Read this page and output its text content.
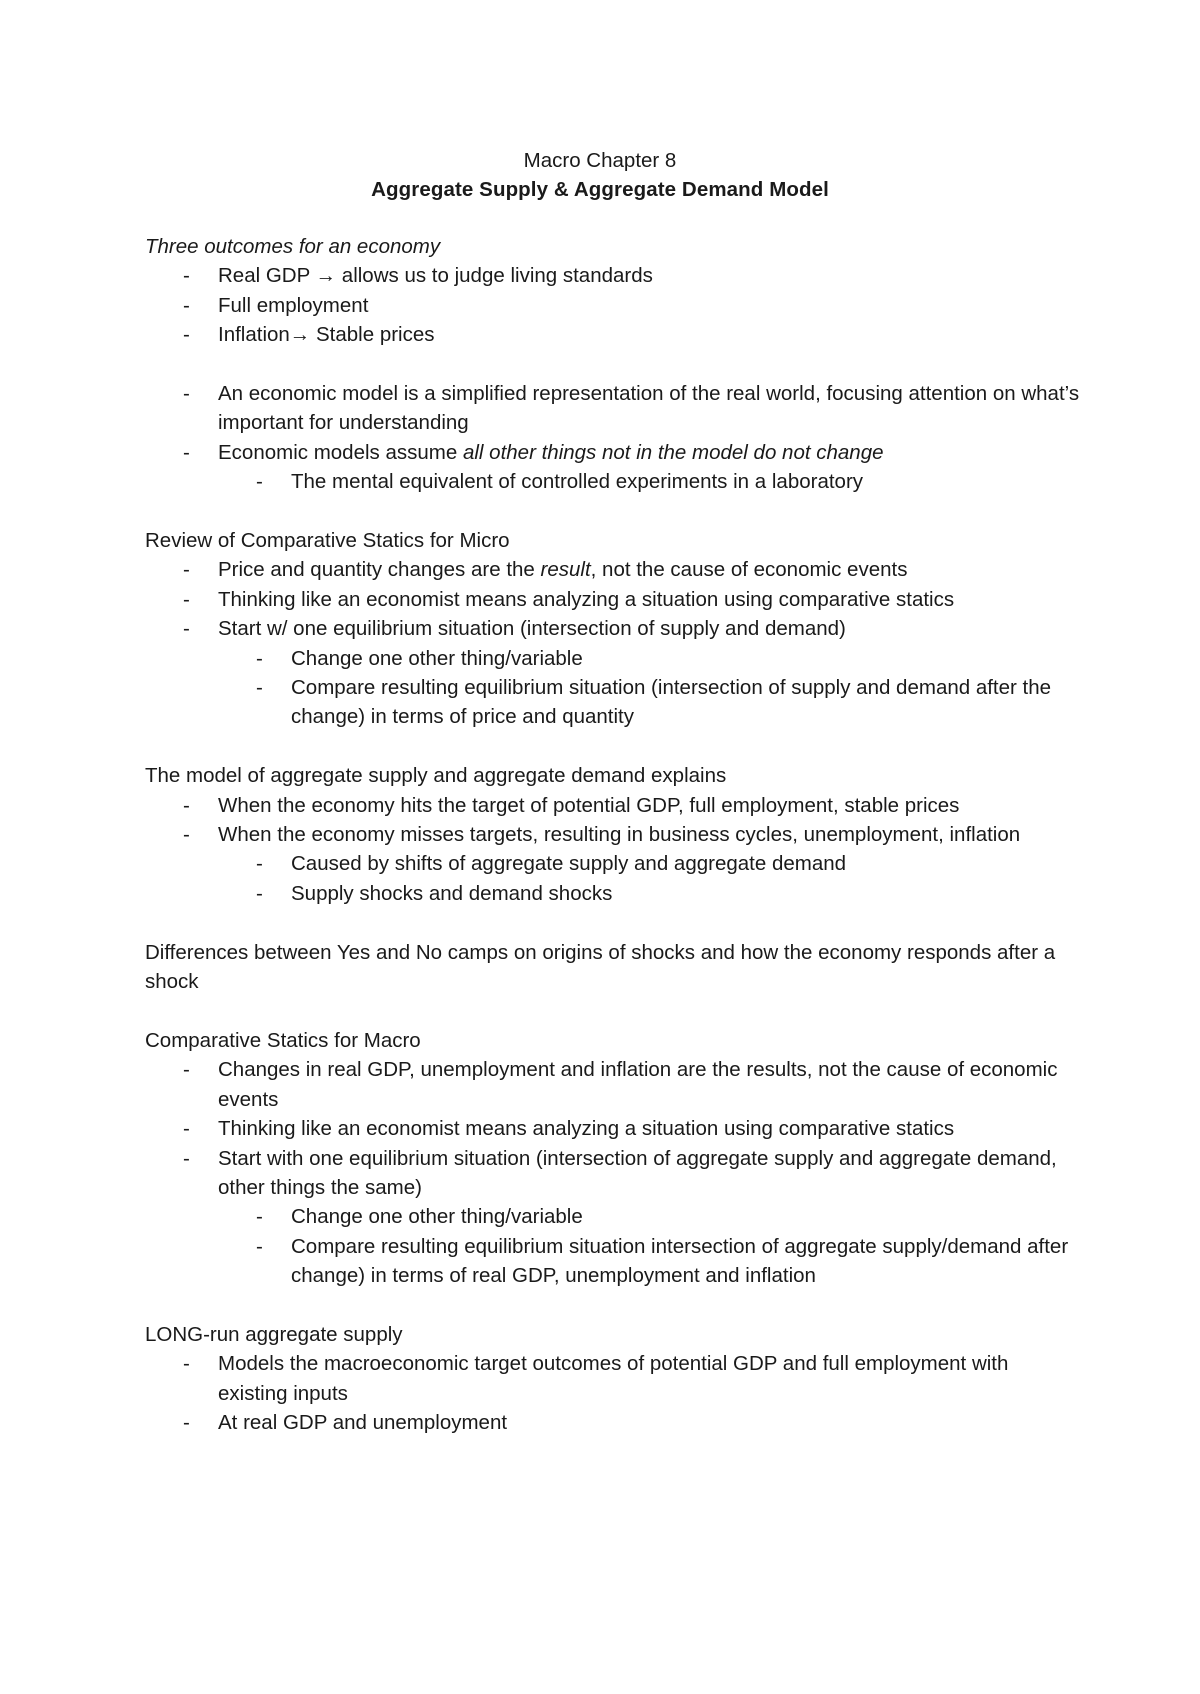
Macro Chapter 8
Aggregate Supply & Aggregate Demand Model
Three outcomes for an economy
- Real GDP → allows us to judge living standards
- Full employment
- Inflation→ Stable prices
- An economic model is a simplified representation of the real world, focusing attention on what’s important for understanding
- Economic models assume all other things not in the model do not change
- The mental equivalent of controlled experiments in a laboratory
Review of Comparative Statics for Micro
- Price and quantity changes are the result, not the cause of economic events
- Thinking like an economist means analyzing a situation using comparative statics
- Start w/ one equilibrium situation (intersection of supply and demand)
- Change one other thing/variable
- Compare resulting equilibrium situation (intersection of supply and demand after the change) in terms of price and quantity
The model of aggregate supply and aggregate demand explains
- When the economy hits the target of potential GDP, full employment, stable prices
- When the economy misses targets, resulting in business cycles, unemployment, inflation
- Caused by shifts of aggregate supply and aggregate demand
- Supply shocks and demand shocks
Differences between Yes and No camps on origins of shocks and how the economy responds after a shock
Comparative Statics for Macro
- Changes in real GDP, unemployment and inflation are the results, not the cause of economic events
- Thinking like an economist means analyzing a situation using comparative statics
- Start with one equilibrium situation (intersection of aggregate supply and aggregate demand, other things the same)
- Change one other thing/variable
- Compare resulting equilibrium situation intersection of aggregate supply/demand after change) in terms of real GDP, unemployment and inflation
LONG-run aggregate supply
- Models the macroeconomic target outcomes of potential GDP and full employment with existing inputs
- At real GDP and unemployment
